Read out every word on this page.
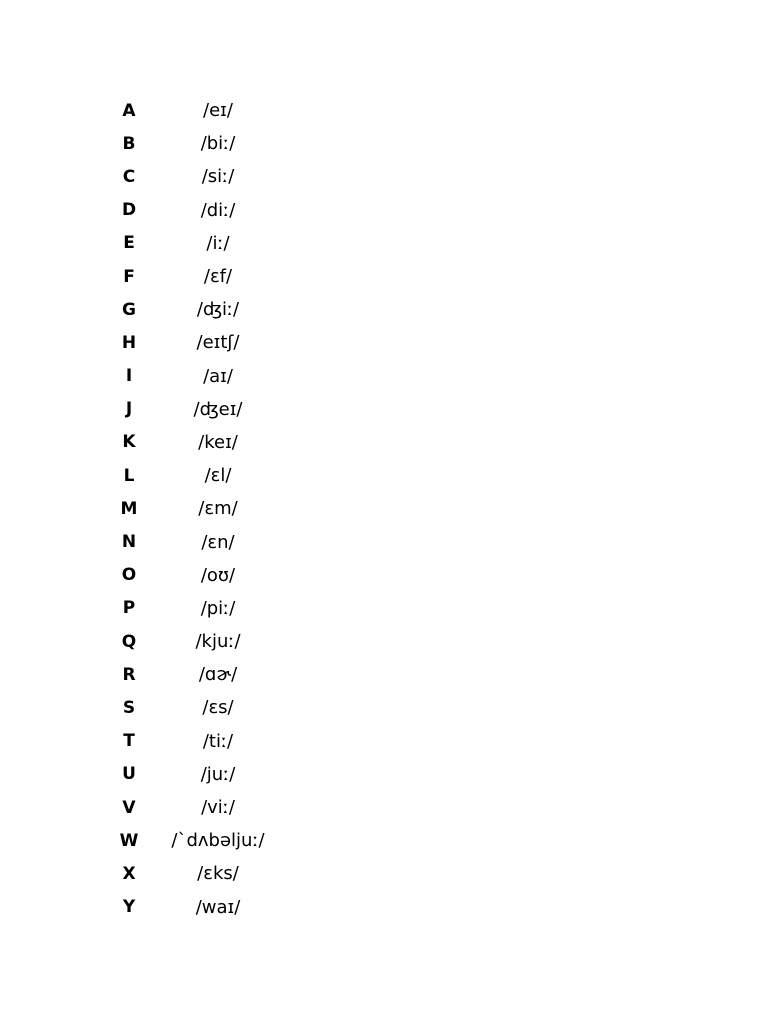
A	/eɪ/
B	/biː/
C	/siː/
D	/diː/
E	/iː/
F	/ɛf/
G	/ʤiː/
H	/eɪtʃ/
I	/aɪ/
J	/ʤeɪ/
K	/keɪ/
L	/ɛl/
M	/ɛm/
N	/ɛn/
O	/oʊ/
P	/piː/
Q	/kjuː/
R	/ɑɚ/
S	/ɛs/
T	/tiː/
U	/juː/
V	/viː/
W	/`dʌbəljuː/
X	/ɛks/
Y	/waɪ/
